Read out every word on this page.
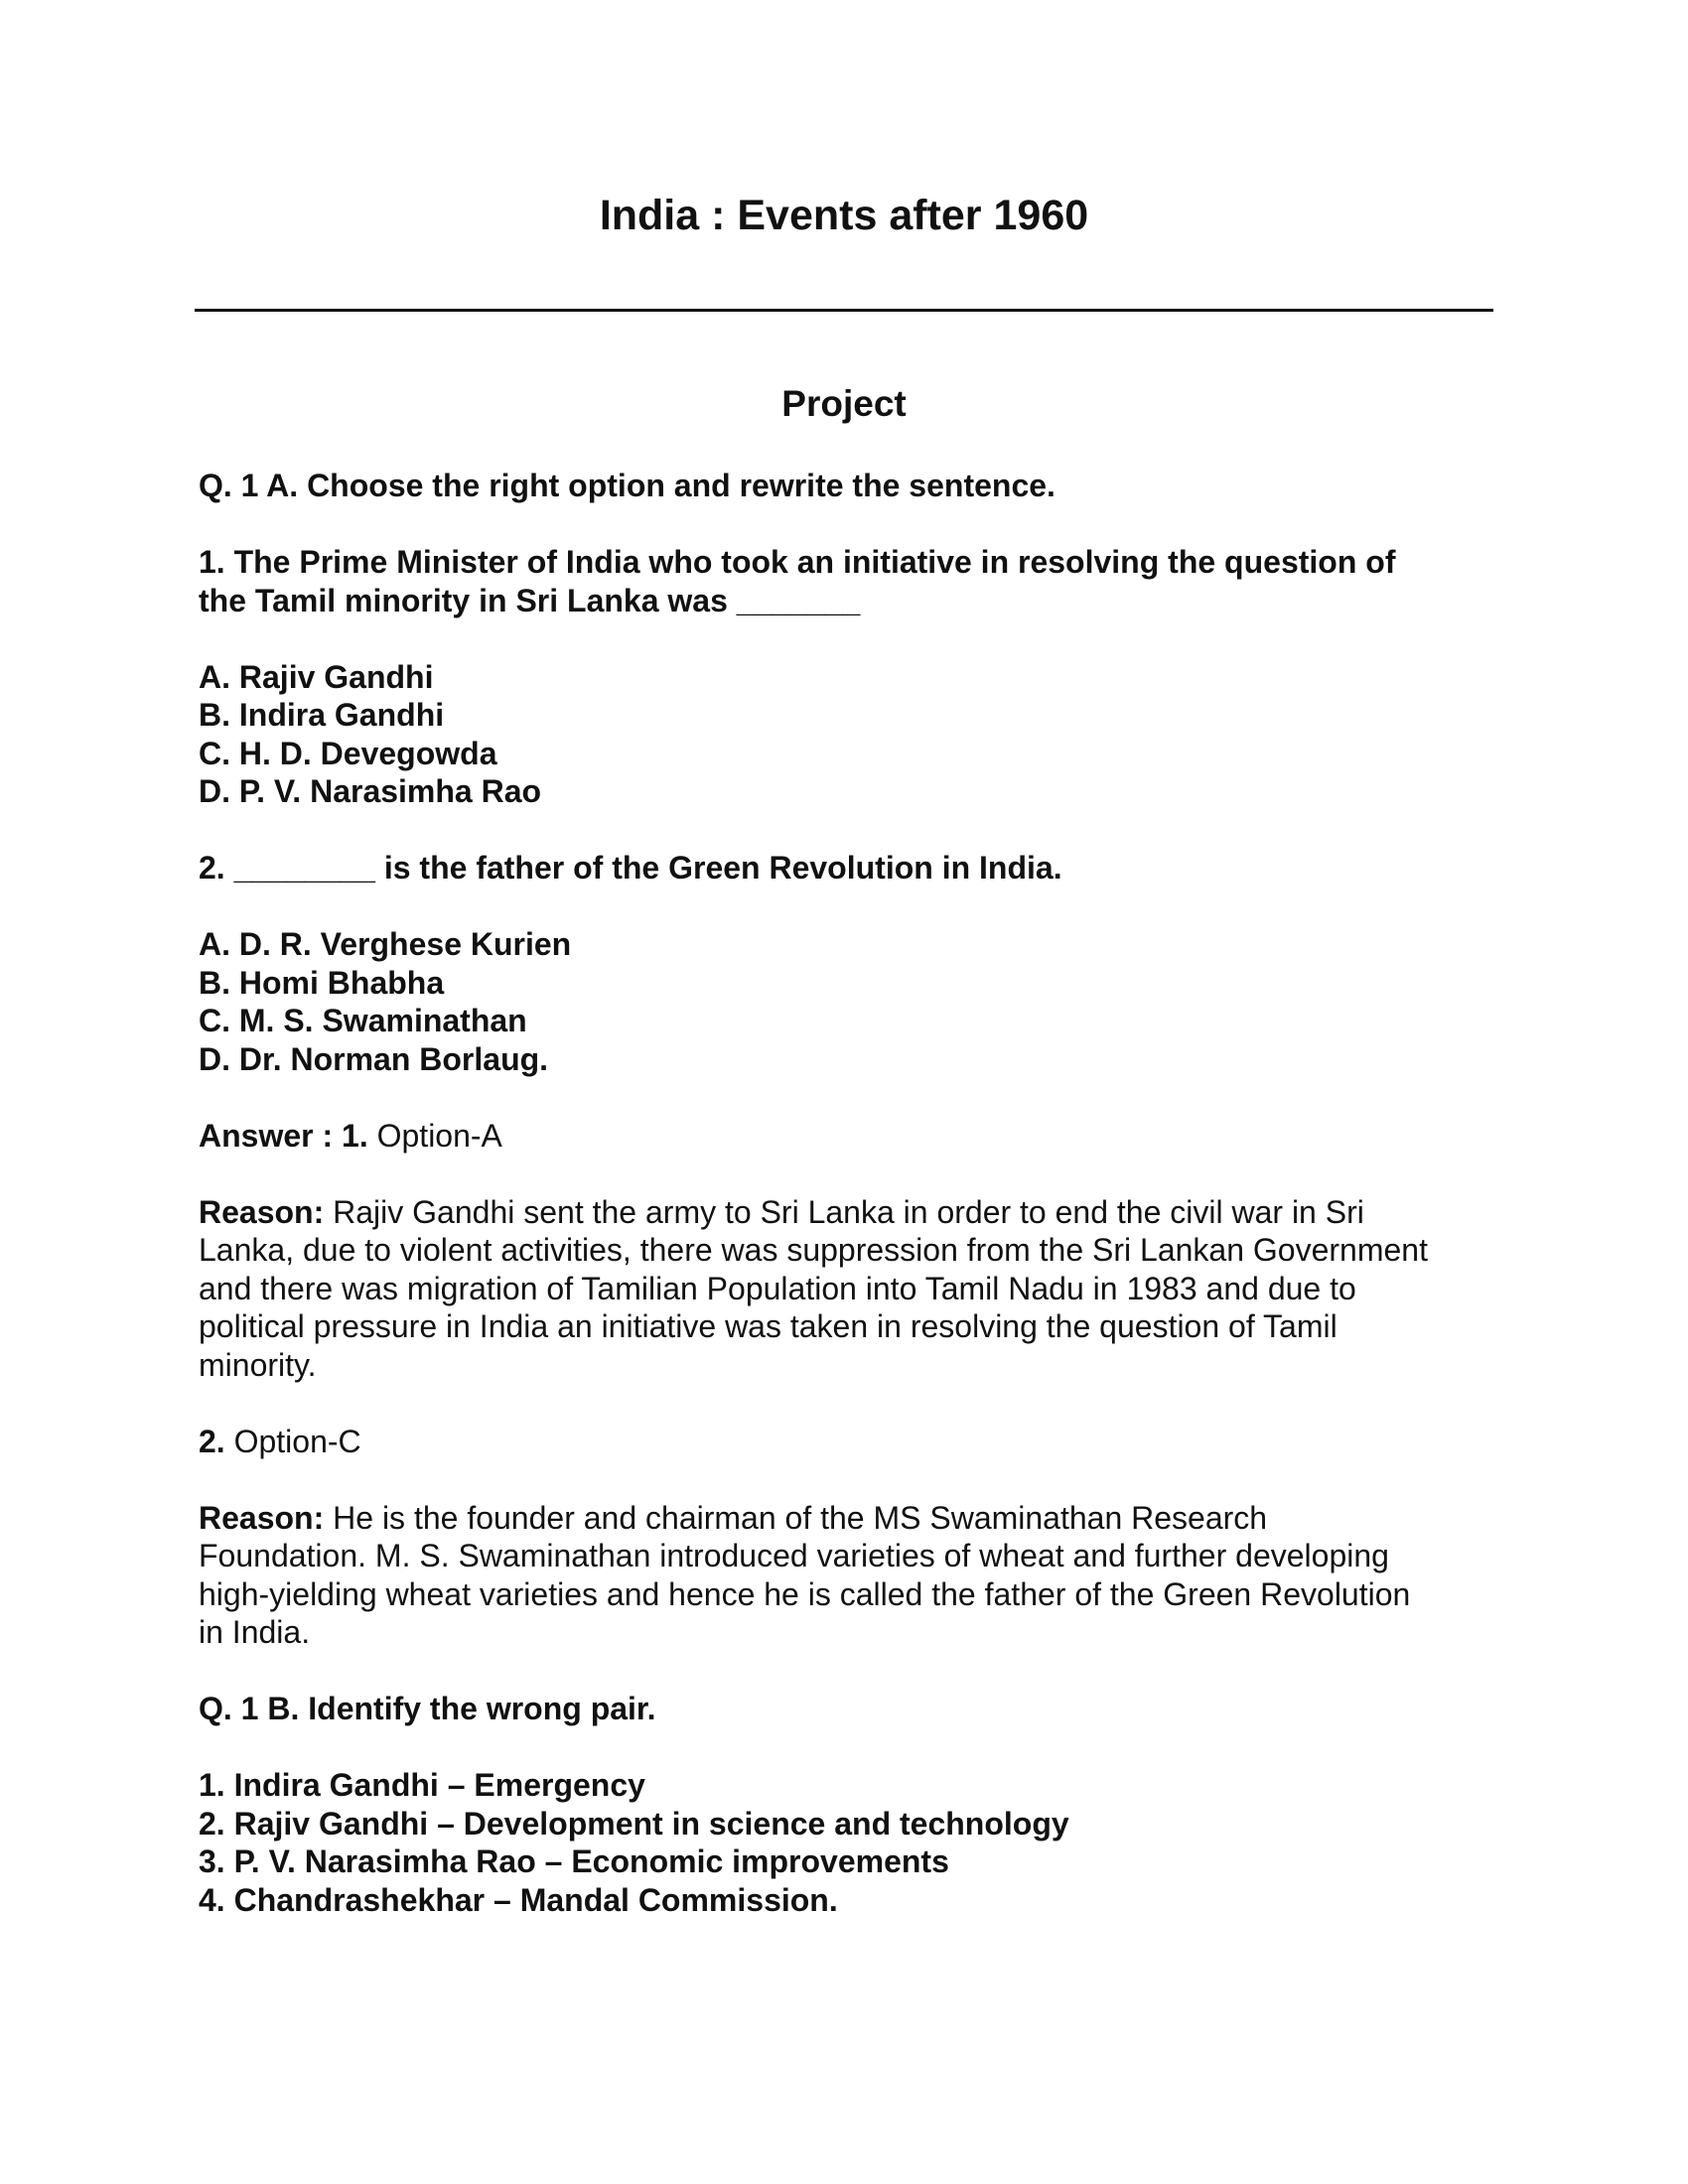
India : Events after 1960
Project

Q. 1 A. Choose the right option and rewrite the sentence.

1. The Prime Minister of India who took an initiative in resolving the question of

the Tamil minority in Sri Lanka was _______

A. Rajiv Gandhi

B. Indira Gandhi

C. H. D. Devegowda

D. P. V. Narasimha Rao

2. ________ is the father of the Green Revolution in India.

A. D. R. Verghese Kurien

B. Homi Bhabha

C. M. S. Swaminathan

D. Dr. Norman Borlaug.

Answer : 1. Option-A

Reason: Rajiv Gandhi sent the army to Sri Lanka in order to end the civil war in Sri

Lanka, due to violent activities, there was suppression from the Sri Lankan Government

and there was migration of Tamilian Population into Tamil Nadu in 1983 and due to

political pressure in India an initiative was taken in resolving the question of Tamil

minority.

2. Option-C

Reason: He is the founder and chairman of the MS Swaminathan Research

Foundation. M. S. Swaminathan introduced varieties of wheat and further developing

high-yielding wheat varieties and hence he is called the father of the Green Revolution

in India.

Q. 1 B. Identify the wrong pair.

1. Indira Gandhi – Emergency

2. Rajiv Gandhi – Development in science and technology

3. P. V. Narasimha Rao – Economic improvements

4. Chandrashekhar – Mandal Commission.
